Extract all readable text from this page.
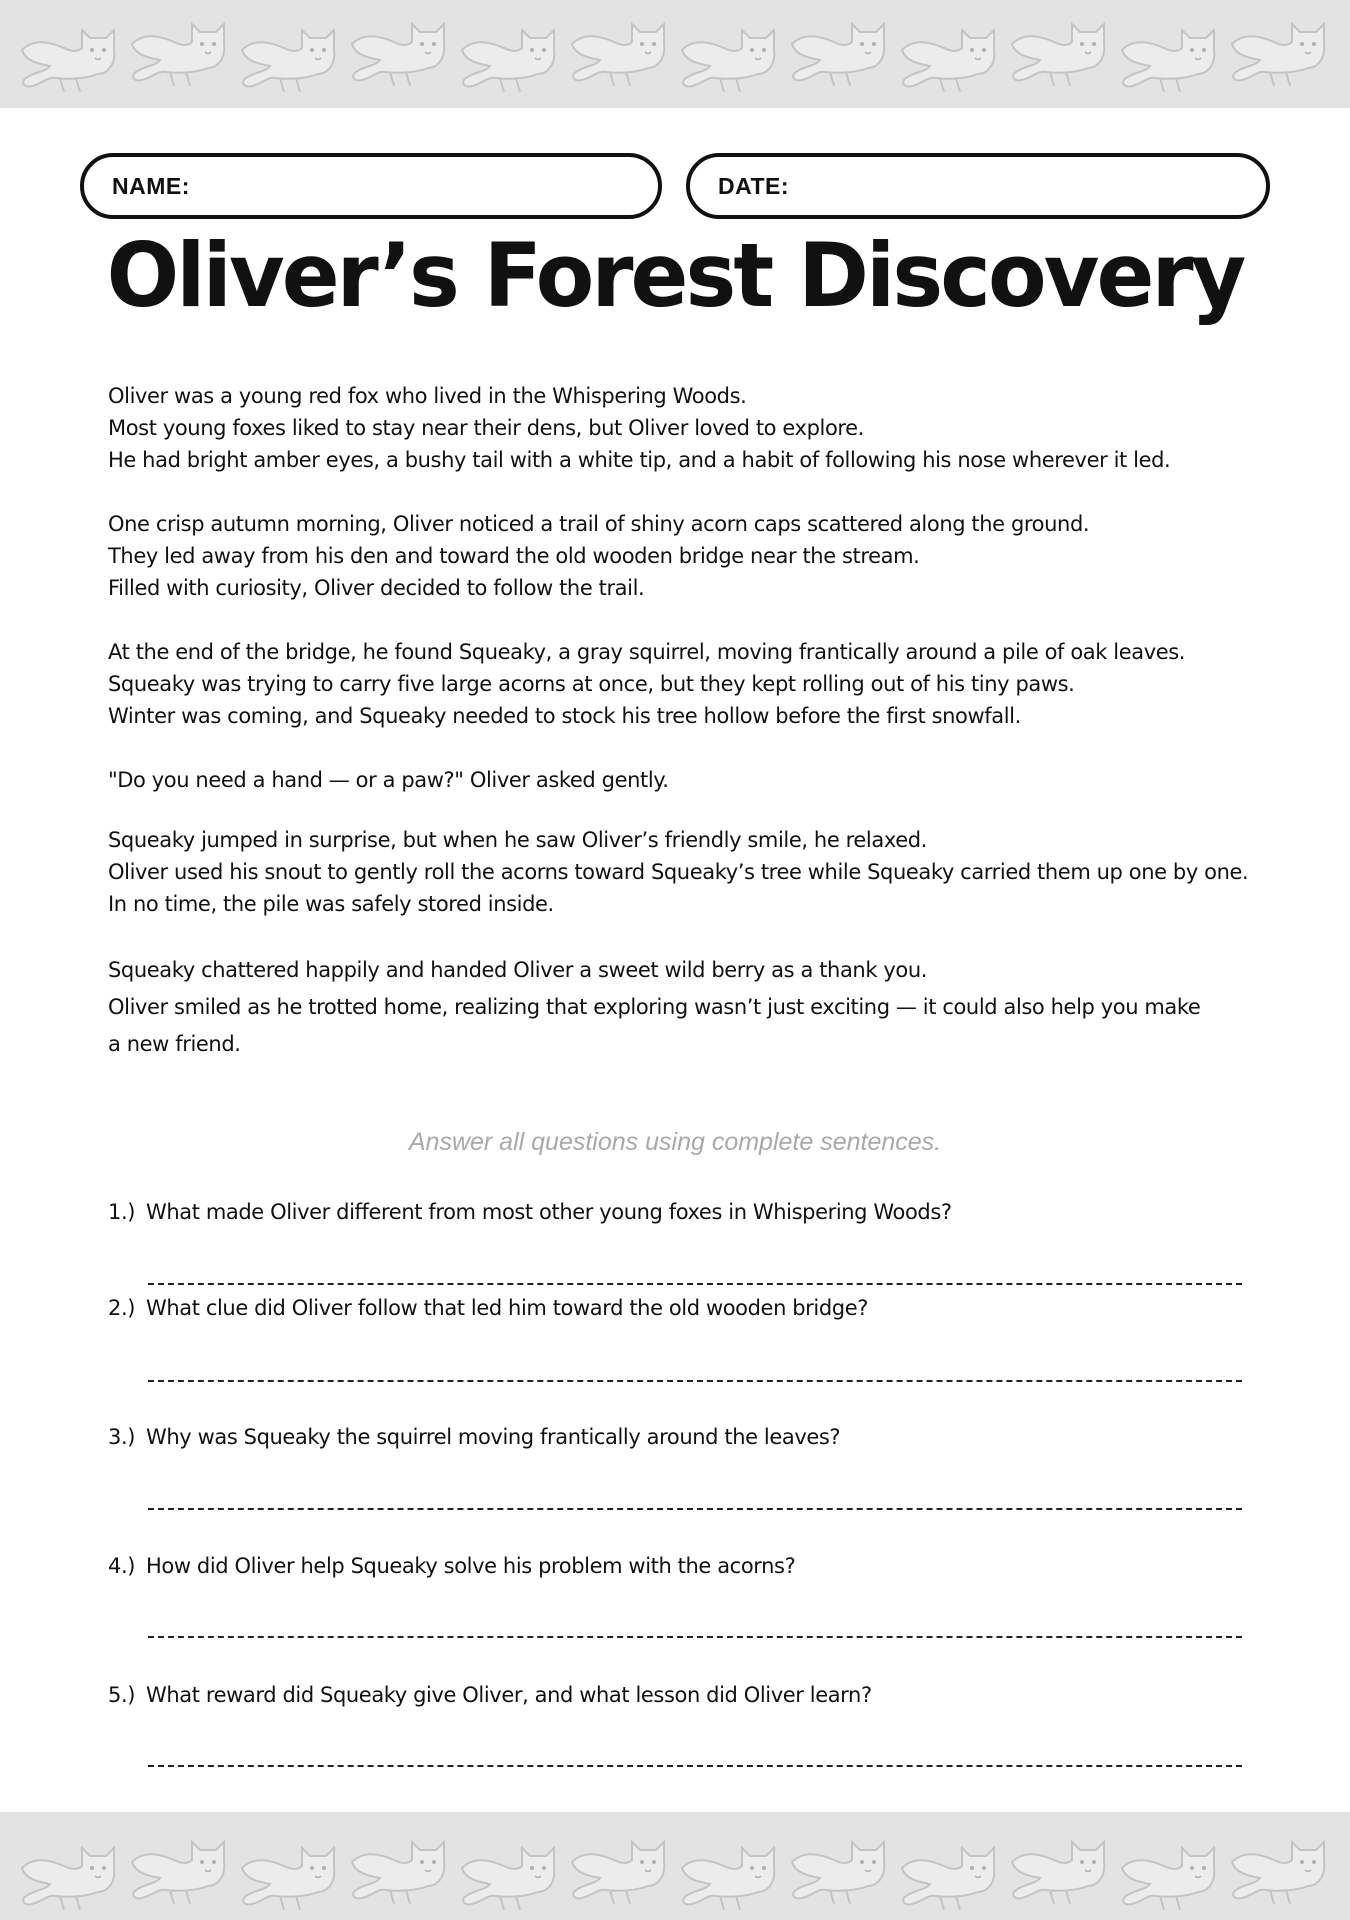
NAME:	DATE:
Oliver’s Forest Discovery

Oliver was a young red fox who lived in the Whispering Woods.
Most young foxes liked to stay near their dens, but Oliver loved to explore.
He had bright amber eyes, a bushy tail with a white tip, and a habit of following his nose wherever it led.

One crisp autumn morning, Oliver noticed a trail of shiny acorn caps scattered along the ground.
They led away from his den and toward the old wooden bridge near the stream.
Filled with curiosity, Oliver decided to follow the trail.

At the end of the bridge, he found Squeaky, a gray squirrel, moving frantically around a pile of oak leaves.
Squeaky was trying to carry five large acorns at once, but they kept rolling out of his tiny paws.
Winter was coming, and Squeaky needed to stock his tree hollow before the first snowfall.

"Do you need a hand — or a paw?" Oliver asked gently.

Squeaky jumped in surprise, but when he saw Oliver’s friendly smile, he relaxed.
Oliver used his snout to gently roll the acorns toward Squeaky’s tree while Squeaky carried them up one by one.
In no time, the pile was safely stored inside.

Squeaky chattered happily and handed Oliver a sweet wild berry as a thank you.
Oliver smiled as he trotted home, realizing that exploring wasn’t just exciting — it could also help you make
a new friend.

Answer all questions using complete sentences.
1.) What made Oliver different from most other young foxes in Whispering Woods?
2.) What clue did Oliver follow that led him toward the old wooden bridge?
3.) Why was Squeaky the squirrel moving frantically around the leaves?
4.) How did Oliver help Squeaky solve his problem with the acorns?
5.) What reward did Squeaky give Oliver, and what lesson did Oliver learn?
